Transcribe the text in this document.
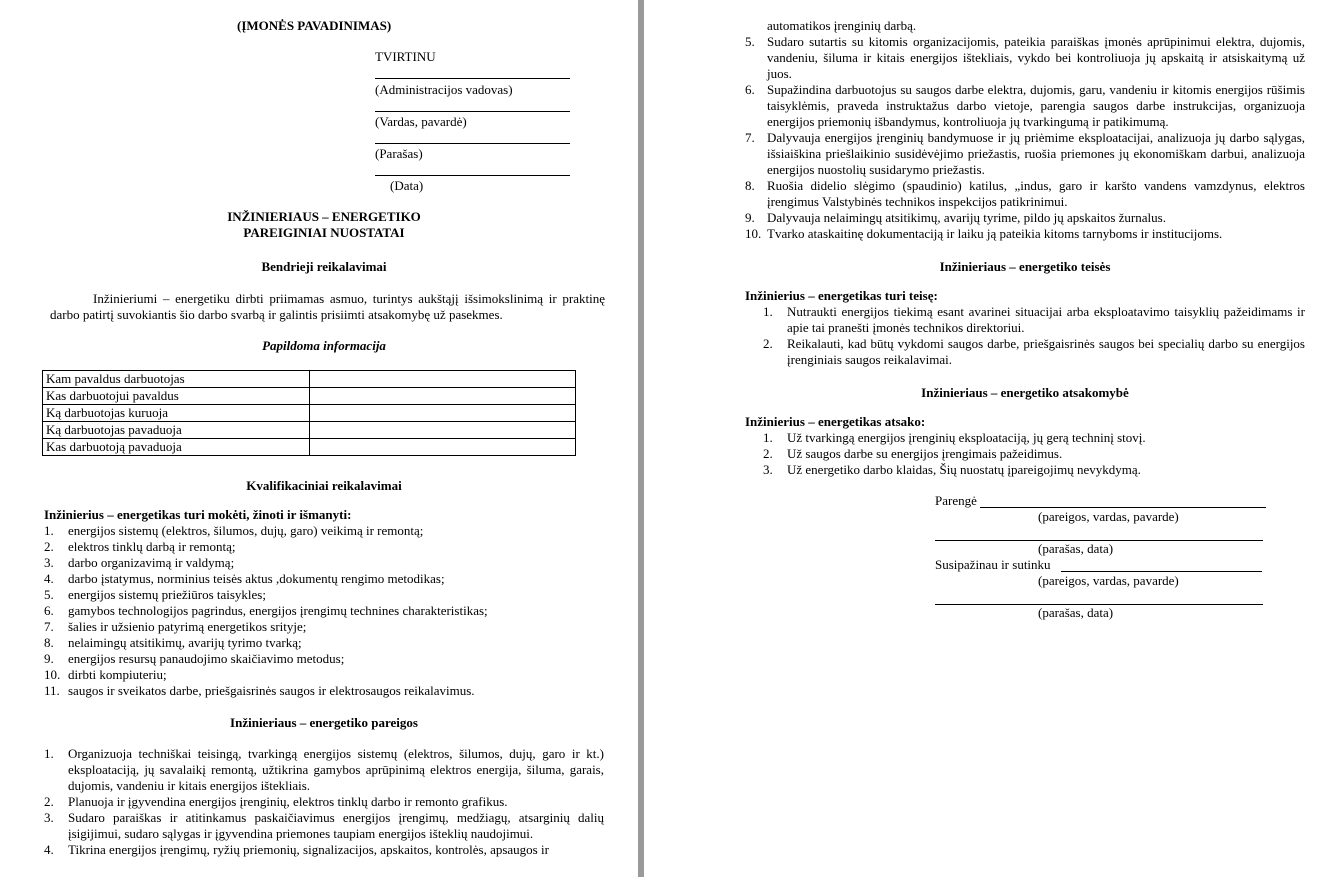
(ĮMONĖS PAVADINIMAS)
TVIRTINU
(Administracijos vadovas)
(Vardas, pavardė)
(Parašas)
(Data)
INŽINIERIAUS – ENERGETIKO
PAREIGINIAI NUOSTATAI
Bendrieji reikalavimai
Inžinieriumi – energetiku dirbti priimamas asmuo, turintys aukštąjį išsimokslinimą ir praktinę darbo patirtį suvokiantis šio darbo svarbą ir galintis prisiimti atsakomybę už pasekmes.
Papildoma informacija
Kam pavaldus darbuotojas	
Kas darbuotojui pavaldus	
Ką darbuotojas kuruoja	
Ką darbuotojas pavaduoja	
Kas darbuotoją pavaduoja	
Kvalifikaciniai reikalavimai
Inžinierius – energetikas turi mokėti, žinoti ir išmanyti:
1. energijos sistemų (elektros, šilumos, dujų, garo) veikimą ir remontą;
2. elektros tinklų darbą ir remontą;
3. darbo organizavimą ir valdymą;
4. darbo įstatymus, norminius teisės aktus ,dokumentų rengimo metodikas;
5. energijos sistemų priežiūros taisykles;
6. gamybos technologijos pagrindus, energijos įrengimų technines charakteristikas;
7. šalies ir užsienio patyrimą energetikos srityje;
8. nelaimingų atsitikimų, avarijų tyrimo tvarką;
9. energijos resursų panaudojimo skaičiavimo metodus;
10. dirbti kompiuteriu;
11. saugos ir sveikatos darbe, priešgaisrinės saugos ir elektrosaugos reikalavimus.
Inžinieriaus – energetiko pareigos
1. Organizuoja techniškai teisingą, tvarkingą energijos sistemų (elektros, šilumos, dujų, garo ir kt.) eksploataciją, jų savalaikį remontą, užtikrina gamybos aprūpinimą elektros energija, šiluma, garais, dujomis, vandeniu ir kitais energijos ištekliais.
2. Planuoja ir įgyvendina energijos įrenginių, elektros tinklų darbo ir remonto grafikus.
3. Sudaro paraiškas ir atitinkamus paskaičiavimus energijos įrengimų, medžiagų, atsarginių dalių įsigijimui, sudaro sąlygas ir įgyvendina priemones taupiam energijos išteklių naudojimui.
4. Tikrina energijos įrengimų, ryžių priemonių, signalizacijos, apskaitos, kontrolės, apsaugos ir
automatikos įrenginių darbą.
5. Sudaro sutartis su kitomis organizacijomis, pateikia paraiškas įmonės aprūpinimui elektra, dujomis, vandeniu, šiluma ir kitais energijos ištekliais, vykdo bei kontroliuoja jų apskaitą ir atsiskaitymą už juos.
6. Supažindina darbuotojus su saugos darbe elektra, dujomis, garu, vandeniu ir kitomis energijos rūšimis taisyklėmis, praveda instruktažus darbo vietoje, parengia saugos darbe instrukcijas, organizuoja energijos priemonių išbandymus, kontroliuoja jų tvarkingumą ir patikimumą.
7. Dalyvauja energijos įrenginių bandymuose ir jų priėmime eksploatacijai, analizuoja jų darbo sąlygas, išsiaiškina priešlaikinio susidėvėjimo priežastis, ruošia priemones jų ekonomiškam darbui, analizuoja energijos nuostolių susidarymo priežastis.
8. Ruošia didelio slėgimo (spaudinio) katilus, „indus, garo ir karšto vandens vamzdynus, elektros įrengimus Valstybinės technikos inspekcijos patikrinimui.
9. Dalyvauja nelaimingų atsitikimų, avarijų tyrime, pildo jų apskaitos žurnalus.
10. Tvarko ataskaitinę dokumentaciją ir laiku ją pateikia kitoms tarnyboms ir institucijoms.
Inžinieriaus – energetiko teisės
Inžinierius – energetikas turi teisę:
1. Nutraukti energijos tiekimą esant avarinei situacijai arba eksploatavimo taisyklių pažeidimams ir apie tai pranešti įmonės technikos direktoriui.
2. Reikalauti, kad būtų vykdomi saugos darbe, priešgaisrinės saugos bei specialių darbo su energijos įrenginiais saugos reikalavimai.
Inžinieriaus – energetiko atsakomybė
Inžinierius – energetikas atsako:
1. Už tvarkingą energijos įrenginių eksploataciją, jų gerą techninį stovį.
2. Už saugos darbe su energijos įrengimais pažeidimus.
3. Už energetiko darbo klaidas, Šių nuostatų įpareigojimų nevykdymą.
Parengė
(pareigos, vardas, pavarde)
(parašas, data)
Susipažinau ir sutinku
(pareigos, vardas, pavarde)
(parašas, data)
